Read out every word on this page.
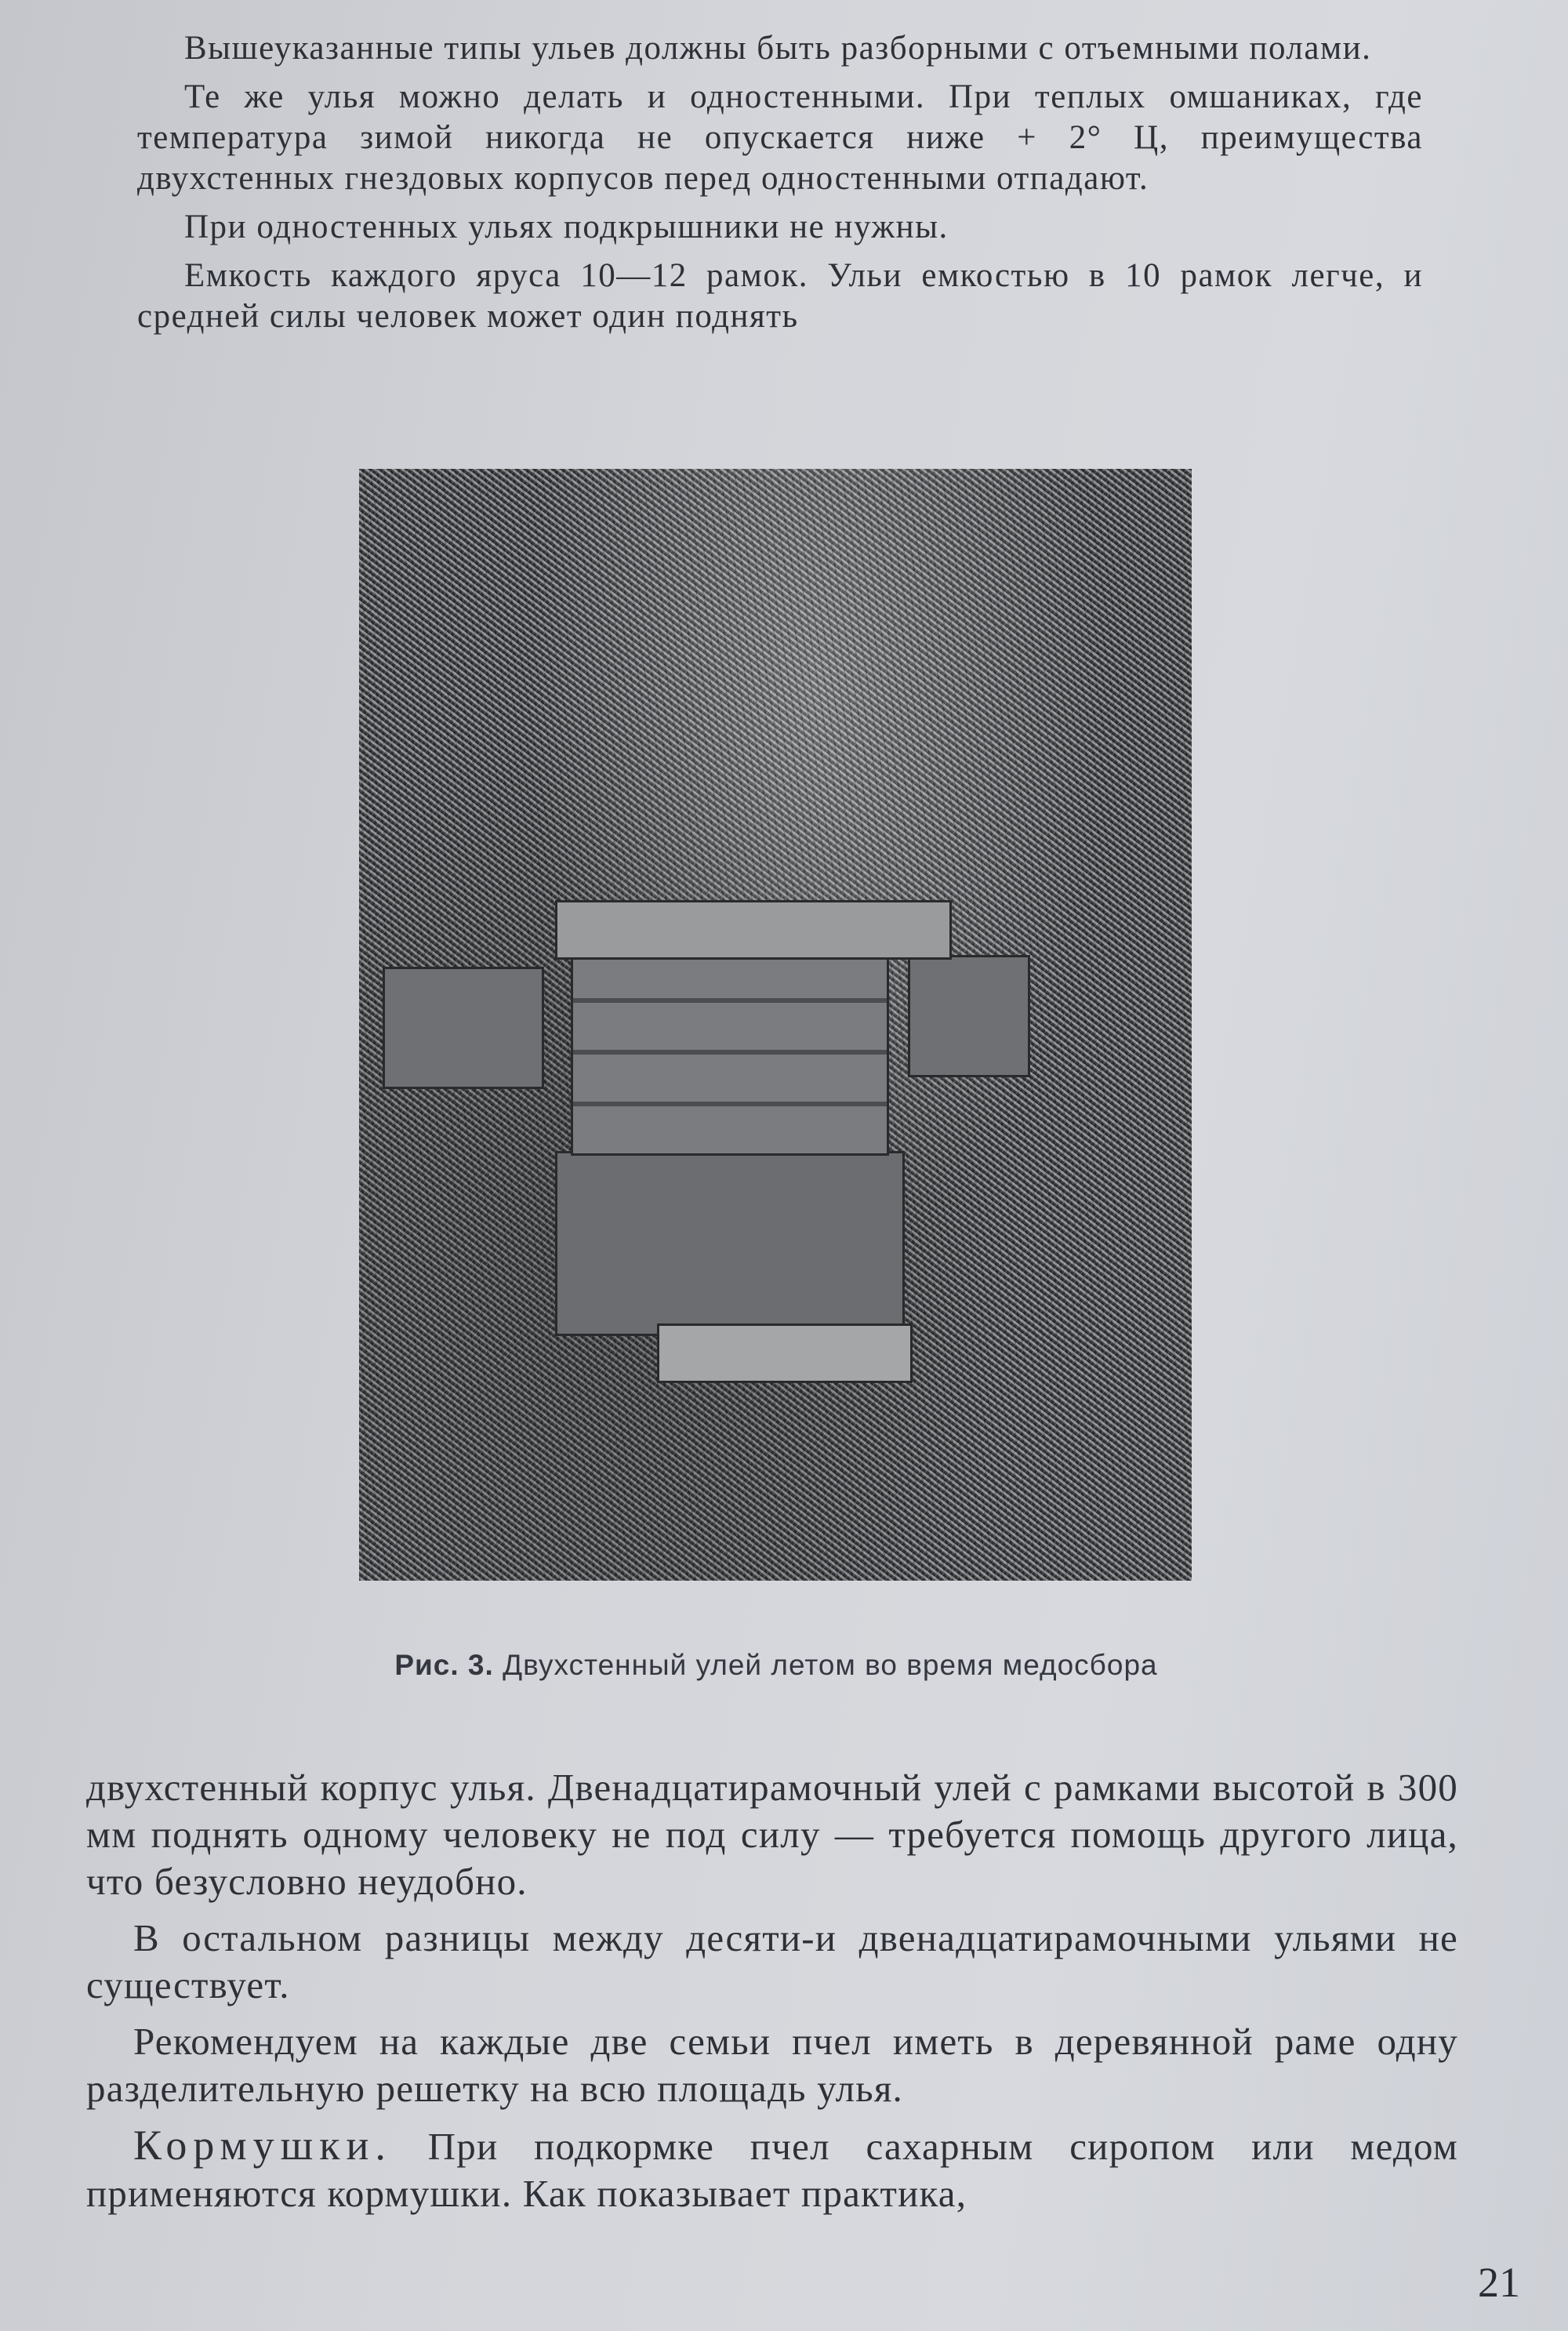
Вышеуказанные типы ульев должны быть разборными с отъемными полами.

Те же улья можно делать и одностенными. При теплых омшаниках, где температура зимой никогда не опускается ниже + 2° Ц, преимущества двухстенных гнездовых корпусов перед одностенными отпадают.

При одностенных ульях подкрышники не нужны.

Емкость каждого яруса 10—12 рамок. Ульи емкостью в 10 рамок легче, и средней силы человек может один поднять

Рис. 3. Двухстенный улей летом во время медосбора

двухстенный корпус улья. Двенадцатирамочный улей с рамками высотой в 300 мм поднять одному человеку не под силу — требуется помощь другого лица, что безусловно неудобно.

В остальном разницы между десяти-и двенадцатирамочными ульями не существует.

Рекомендуем на каждые две семьи пчел иметь в деревянной раме одну разделительную решетку на всю площадь улья.

Кормушки. При подкормке пчел сахарным сиропом или медом применяются кормушки. Как показывает практика,

21
